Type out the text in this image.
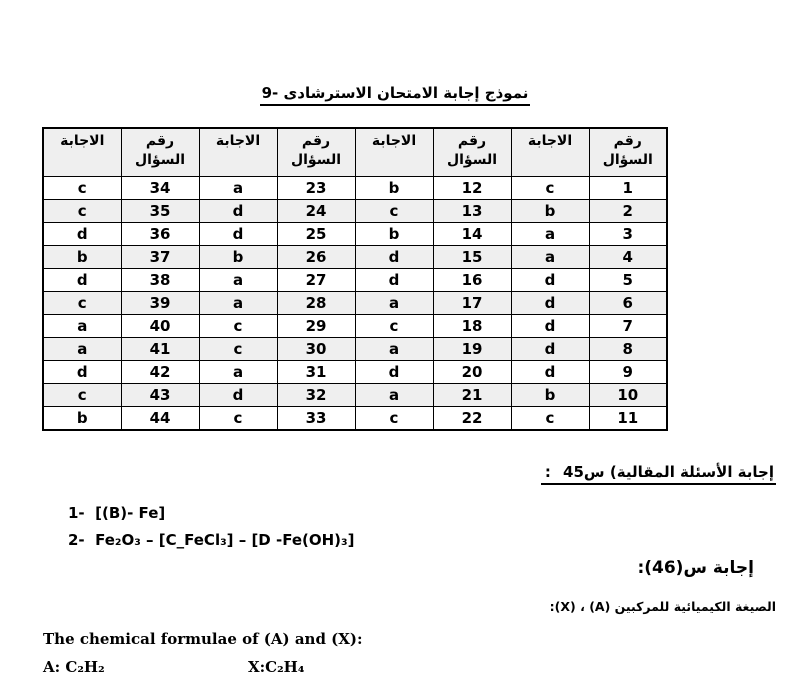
نموذج إجابة الامتحان الاسترشادى -9
رقم
السؤال
	الاجابة	
رقم
السؤال
	الاجابة	
رقم
السؤال
	الاجابة	
رقم
السؤال
	الاجابة
1	c	12	b	23	a	34	c
2	b	13	c	24	d	35	c
3	a	14	b	25	d	36	d
4	a	15	d	26	b	37	b
5	d	16	d	27	a	38	d
6	d	17	a	28	a	39	c
7	d	18	c	29	c	40	a
8	d	19	a	30	c	41	a
9	d	20	d	31	a	42	d
10	b	21	a	32	d	43	c
11	c	22	c	33	c	44	b
إجابة الأسئلة المقالية( س45 :
1-  [(B)- Fe]
2-  Fe₂O₃ – [C_FeCl₃] – [D -Fe(OH)₃]
إجابة س(46):
الصيغة الكيميائية للمركبين (X) ، (A):
The chemical formulae of (A) and (X):
A: C₂H₂	X:C₂H₄
